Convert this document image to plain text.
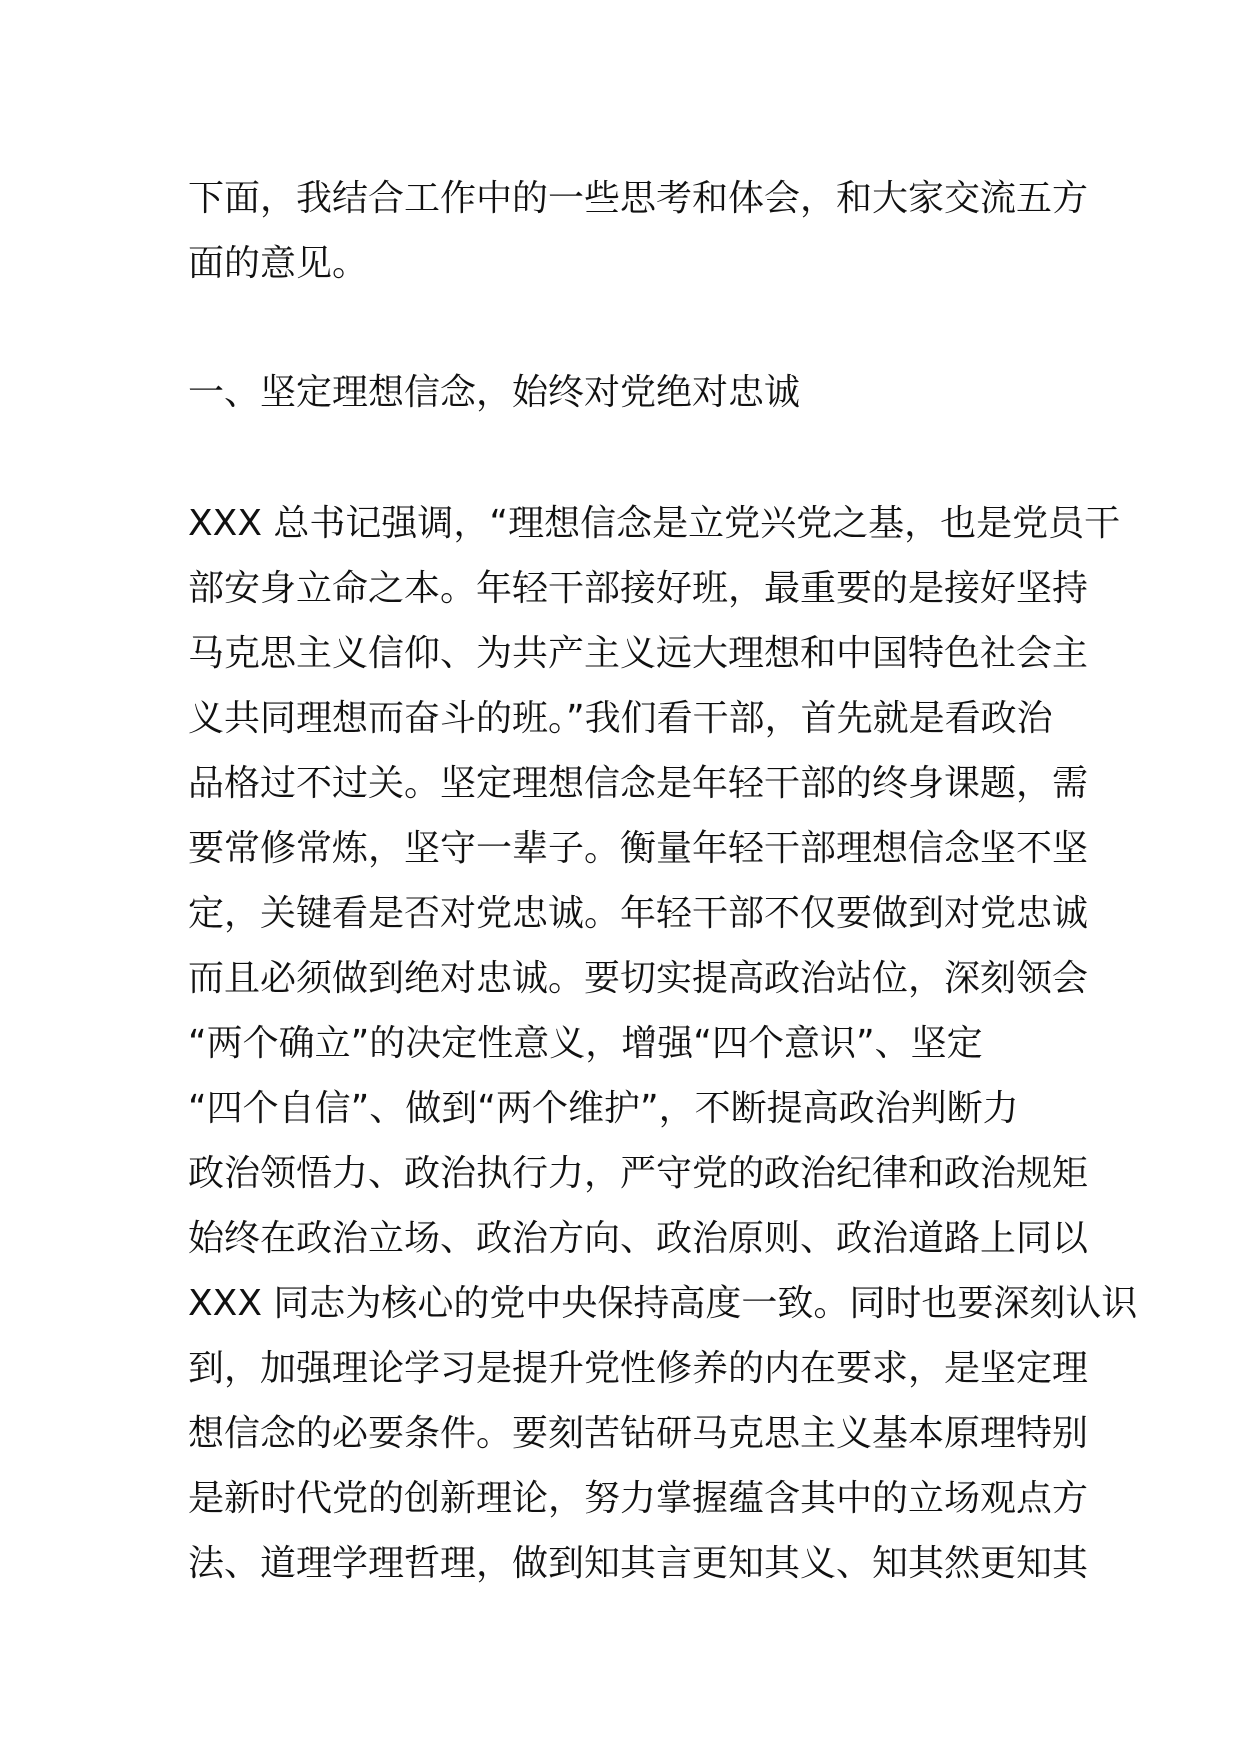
下面，我结合工作中的一些思考和体会，和大家交流五方
面的意见。
一、坚定理想信念，始终对党绝对忠诚
XXX 总书记强调，“理想信念是立党兴党之基，也是党员干
部安身立命之本。年轻干部接好班，最重要的是接好坚持
马克思主义信仰、为共产主义远大理想和中国特色社会主
义共同理想而奋斗的班。”我们看干部，首先就是看政治
品格过不过关。坚定理想信念是年轻干部的终身课题，需
要常修常炼，坚守一辈子。衡量年轻干部理想信念坚不坚
定，关键看是否对党忠诚。年轻干部不仅要做到对党忠诚
而且必须做到绝对忠诚。要切实提高政治站位，深刻领会
“两个确立”的决定性意义，增强“四个意识”、坚定
“四个自信”、做到“两个维护”，不断提高政治判断力
政治领悟力、政治执行力，严守党的政治纪律和政治规矩
始终在政治立场、政治方向、政治原则、政治道路上同以
XXX 同志为核心的党中央保持高度一致。同时也要深刻认识
到，加强理论学习是提升党性修养的内在要求，是坚定理
想信念的必要条件。要刻苦钻研马克思主义基本原理特别
是新时代党的创新理论，努力掌握蕴含其中的立场观点方
法、道理学理哲理，做到知其言更知其义、知其然更知其
